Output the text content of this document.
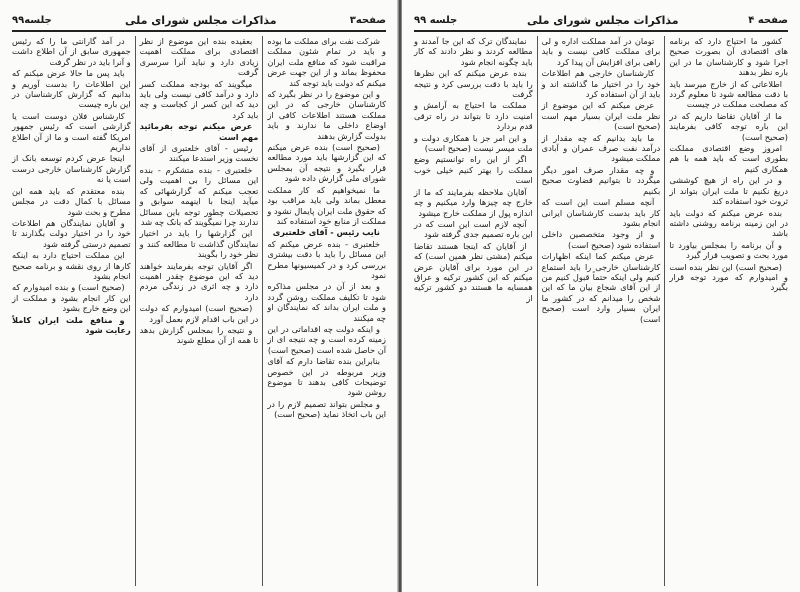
صفحه۳
مذاکرات مجلس شورای ملی
جلسه۹۹

شرکت نفت برای مملکت ما بوده و باید در تمام شئون مملکت مراقبت شود که منافع ملت ایران محفوظ بماند و از این جهت عرض میکنم که دولت باید توجه کند

و این موضوع را در نظر بگیرد که کارشناسان خارجی که در این مملکت هستند اطلاعات کافی از اوضاع داخلی ما ندارند و باید بدولت گزارش بدهند

(صحیح است) بنده عرض میکنم که این گزارشها باید مورد مطالعه قرار بگیرد و نتیجه آن بمجلس شورای ملی گزارش داده شود

ما نمیخواهیم که کار مملکت معطل بماند ولی باید مراقب بود که حقوق ملت ایران پایمال نشود و مملکت از منابع خود استفاده کند

نایب رئیس - آقای خلعتبری

خلعتبری - بنده عرض میکنم که این مسائل را باید با دقت بیشتری بررسی کرد و در کمیسیونها مطرح نمود

و بعد از آن در مجلس مذاکره شود تا تکلیف مملکت روشن گردد و ملت ایران بداند که نمایندگان او چه میکنند

و اینکه دولت چه اقداماتی در این زمینه کرده است و چه نتیجه ای از آن حاصل شده است (صحیح است)

بنابراین بنده تقاضا دارم که آقای وزیر مربوطه در این خصوص توضیحات کافی بدهند تا موضوع روشن شود

و مجلس بتواند تصمیم لازم را در این باب اتخاذ نماید (صحیح است)

بعقیده بنده این موضوع از نظر اقتصادی برای مملکت اهمیت زیادی دارد و نباید آنرا سرسری گرفت

میگویند که بودجه مملکت کسر دارد و درآمد کافی نیست ولی باید دید که این کسر از کجاست و چه باید کرد

عرض میکنم توجه بفرمائید مهم است

رئیس - آقای خلعتبری از آقای نخست وزیر استدعا میکنند

خلعتبری - بنده متشکرم - بنده این مسائل را بی اهمیت ولی تعجب میکنم که گزارشهائی که میآید اینجا با اینهمه سوابق و تحصیلات چطور توجه باین مسائل ندارند چرا نمیگویند که بانک چه شد

این گزارشها را باید در اختیار نمایندگان گذاشت تا مطالعه کنند و نظر خود را بگویند

اگر آقایان توجه بفرمایند خواهند دید که این موضوع چقدر اهمیت دارد و چه اثری در زندگی مردم دارد

(صحیح است) امیدوارم که دولت در این باب اقدام لازم بعمل آورد

و نتیجه را بمجلس گزارش بدهد تا همه از آن مطلع شوند

در آمد گارانتی ما را که رئیس جمهوری سابق از آن اطلاع داشت و آنرا باید در نظر گرفت

باید پس ما حالا عرض میکنم که این اطلاعات را بدست آوریم و بدانیم که گزارش کارشناسان در این باره چیست

کارشناس فلان دوست است یا گزارشی است که رئیس جمهور امریکا گفته است و ما از آن اطلاع نداریم

اینجا عرض کردم توسعه بانک از گزارش کارشناسان خارجی درست است یا نه

بنده معتقدم که باید همه این مسائل با کمال دقت در مجلس مطرح و بحث شود

و آقایان نمایندگان هم اطلاعات خود را در اختیار دولت بگذارند تا تصمیم درستی گرفته شود

این مملکت احتیاج دارد به اینکه کارها از روی نقشه و برنامه صحیح انجام بشود

(صحیح است) و بنده امیدوارم که این کار انجام بشود و مملکت از این وضع خارج بشود

و منافع ملت ایران کاملاً رعایت شود

صفحه ۴
مذاکرات مجلس شورای ملی
جلسه ۹۹

کشور ما احتیاج دارد که برنامه های اقتصادی آن بصورت صحیح اجرا شود و کارشناسان ما در این باره نظر بدهند

اطلاعاتی که از خارج میرسد باید با دقت مطالعه شود تا معلوم گردد که مصلحت مملکت در چیست

ما از آقایان تقاضا داریم که در این باره توجه کافی بفرمایند (صحیح است)

امروز وضع اقتصادی مملکت بطوری است که باید همه با هم همکاری کنیم

و در این راه از هیچ کوششی دریغ نکنیم تا ملت ایران بتواند از ثروت خود استفاده کند

بنده عرض میکنم که دولت باید در این زمینه برنامه روشنی داشته باشد

و آن برنامه را بمجلس بیاورد تا مورد بحث و تصویب قرار گیرد

(صحیح است) این نظر بنده است و امیدوارم که مورد توجه قرار بگیرد

تومان در آمد مملکت اداره و لی برای مملکت کافی نیست و باید راهی برای افزایش آن پیدا کرد

کارشناسان خارجی هم اطلاعات خود را در اختیار ما گذاشته اند و باید از آن استفاده کرد

عرض میکنم که این موضوع از نظر ملت ایران بسیار مهم است (صحیح است)

ما باید بدانیم که چه مقدار از درآمد نفت صرف عمران و آبادی مملکت میشود

و چه مقدار صرف امور دیگر میگردد تا بتوانیم قضاوت صحیح بکنیم

آنچه مسلم است این است که کار باید بدست کارشناسان ایرانی انجام بشود

و از وجود متخصصین داخلی استفاده شود (صحیح است)

عرض میکنم کما اینکه اظهارات کارشناسان خارجی را باید استماع کنیم ولی اینکه حتماً قبول کنیم من از این آقای شجاع بیان ما که این شخص را میدانم که در کشور ما ایران بسیار وارد است (صحیح است)

نمایندگان ترک که این جا آمدند و مطالعه کردند و نظر دادند که کار باید چگونه انجام شود

بنده عرض میکنم که این نظرها را باید با دقت بررسی کرد و نتیجه گرفت

مملکت ما احتیاج به آرامش و امنیت دارد تا بتواند در راه ترقی قدم بردارد

و این امر جز با همکاری دولت و ملت میسر نیست (صحیح است)

اگر از این راه توانستیم وضع مملکت را بهتر کنیم خیلی خوب است

آقایان ملاحظه بفرمایند که ما از خارج چه چیزها وارد میکنیم و چه اندازه پول از مملکت خارج میشود

آنچه لازم است این است که در این باره تصمیم جدی گرفته شود

از آقایان که اینجا هستند تقاضا میکنم (مشتی نظر همین است) که در این مورد برای آقایان عرض میکنم که این کشور ترکیه و عراق همسایه ما هستند دو کشور ترکیه از
